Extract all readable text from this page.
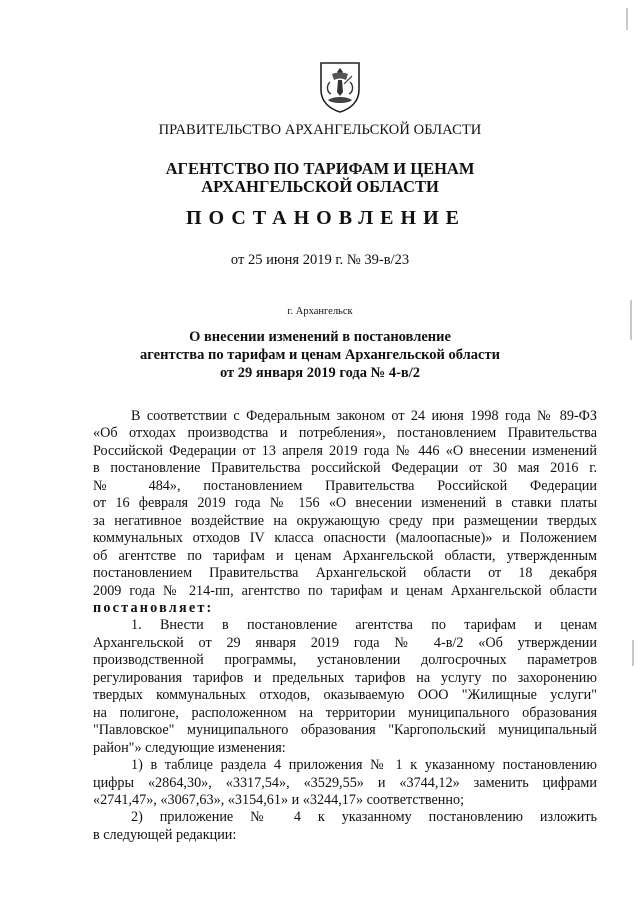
ПРАВИТЕЛЬСТВО АРХАНГЕЛЬСКОЙ ОБЛАСТИ
АГЕНТСТВО ПО ТАРИФАМ И ЦЕНАМ
АРХАНГЕЛЬСКОЙ ОБЛАСТИ
ПОСТАНОВЛЕНИЕ
от 25 июня 2019 г. № 39-в/23
г. Архангельск
О внесении изменений в постановление
агентства по тарифам и ценам Архангельской области
от 29 января 2019 года № 4-в/2
В соответствии с Федеральным законом от 24 июня 1998 года № 89-ФЗ
«Об отходах производства и потребления», постановлением Правительства
Российской Федерации от 13 апреля 2019 года № 446 «О внесении изменений
в постановление Правительства российской Федерации от 30 мая 2016 г.
№ 484», постановлением Правительства Российской Федерации
от 16 февраля 2019 года № 156 «О внесении изменений в ставки платы
за негативное воздействие на окружающую среду при размещении твердых
коммунальных отходов IV класса опасности (малоопасные)» и Положением
об агентстве по тарифам и ценам Архангельской области, утвержденным
постановлением Правительства Архангельской области от 18 декабря
2009 года № 214-пп, агентство по тарифам и ценам Архангельской области
постановляет:
1. Внести в постановление агентства по тарифам и ценам
Архангельской от 29 января 2019 года № 4-в/2 «Об утверждении
производственной программы, установлении долгосрочных параметров
регулирования тарифов и предельных тарифов на услугу по захоронению
твердых коммунальных отходов, оказываемую ООО "Жилищные услуги"
на полигоне, расположенном на территории муниципального образования
"Павловское" муниципального образования "Каргопольский муниципальный
район"» следующие изменения:
1) в таблице раздела 4 приложения № 1 к указанному постановлению
цифры «2864,30», «3317,54», «3529,55» и «3744,12» заменить цифрами
«2741,47», «3067,63», «3154,61» и «3244,17» соответственно;
2) приложение № 4 к указанному постановлению изложить
в следующей редакции:
